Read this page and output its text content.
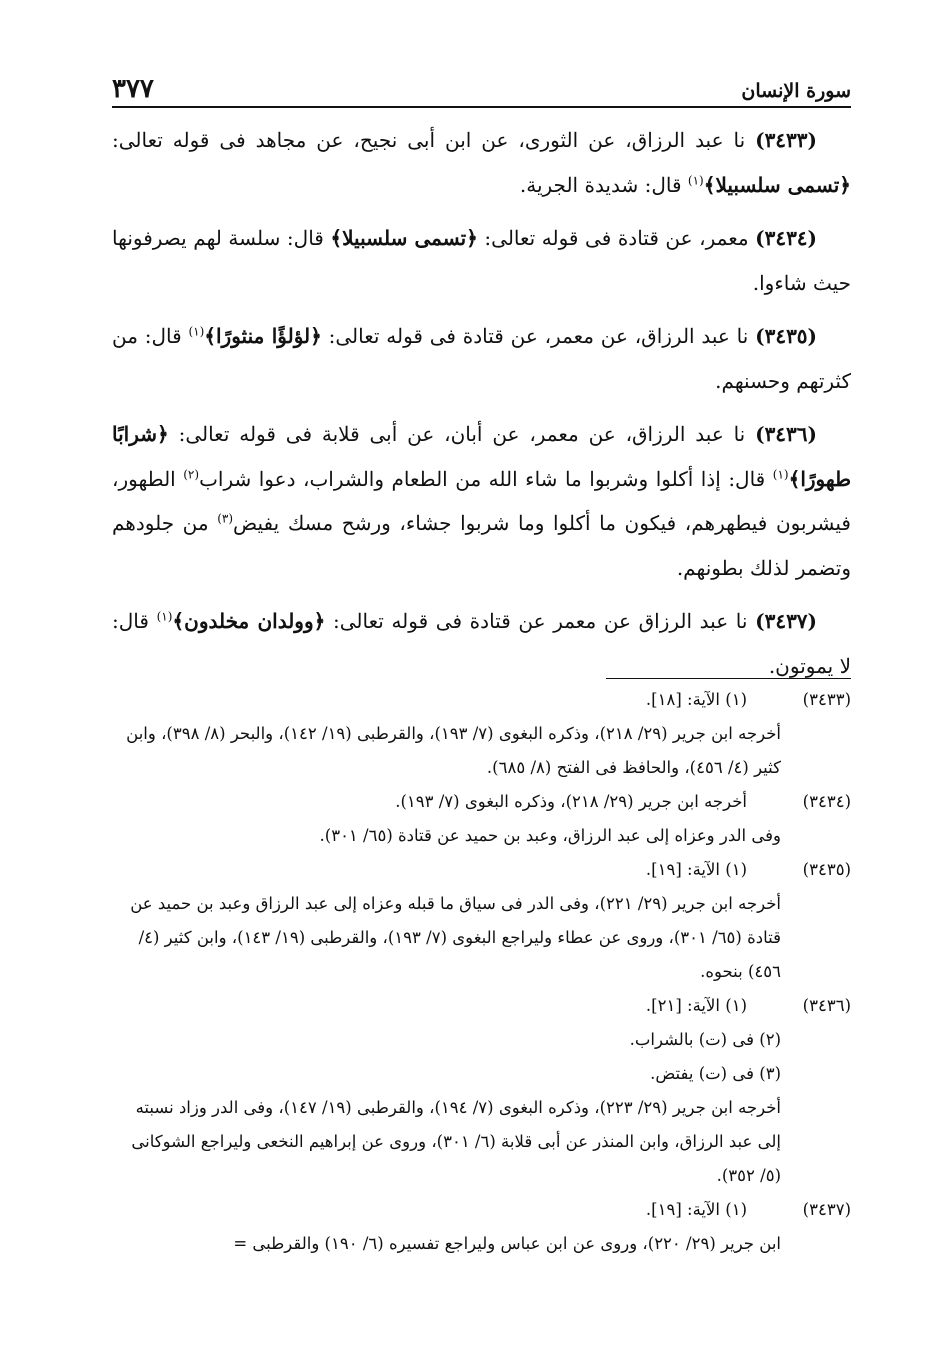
سورة الإنسان
٣٧٧

(٣٤٣٣) نا عبد الرزاق، عن الثورى، عن ابن أبى نجيح، عن مجاهد فى قوله تعالى: ﴿تسمى سلسبيلا﴾$^{(١)}$ قال: شديدة الجرية.

(٣٤٣٤) معمر، عن قتادة فى قوله تعالى: ﴿تسمى سلسبيلا﴾ قال: سلسة لهم يصرفونها حيث شاءوا.

(٣٤٣٥) نا عبد الرزاق، عن معمر، عن قتادة فى قوله تعالى: ﴿لؤلؤًا منثورًا﴾$^{(١)}$ قال: من كثرتهم وحسنهم.

(٣٤٣٦) نا عبد الرزاق، عن معمر، عن أبان، عن أبى قلابة فى قوله تعالى: ﴿شرابًا طهورًا﴾$^{(١)}$ قال: إذا أكلوا وشربوا ما شاء الله من الطعام والشراب، دعوا شراب$^{(٢)}$ الطهور، فيشربون فيطهرهم، فيكون ما أكلوا وما شربوا جشاء، ورشح مسك يفيض$^{(٣)}$ من جلودهم وتضمر لذلك بطونهم.

(٣٤٣٧) نا عبد الرزاق عن معمر عن قتادة فى قوله تعالى: ﴿وولدان مخلدون﴾$^{(١)}$ قال: لا يموتون.

(٣٤٣٣)(١) الآية: [١٨].

أخرجه ابن جرير (٢٩/ ٢١٨)، وذكره البغوى (٧/ ١٩٣)، والقرطبى (١٩/ ١٤٢)، والبحر (٨/ ٣٩٨)، وابن كثير (٤/ ٤٥٦)، والحافظ فى الفتح (٨/ ٦٨٥).

(٣٤٣٤)أخرجه ابن جرير (٢٩/ ٢١٨)، وذكره البغوى (٧/ ١٩٣).

وفى الدر وعزاه إلى عبد الرزاق، وعبد بن حميد عن قتادة (٦٥/ ٣٠١).

(٣٤٣٥)(١) الآية: [١٩].

أخرجه ابن جرير (٢٩/ ٢٢١)، وفى الدر فى سياق ما قبله وعزاه إلى عبد الرزاق وعبد بن حميد عن قتادة (٦٥/ ٣٠١)، وروى عن عطاء وليراجع البغوى (٧/ ١٩٣)، والقرطبى (١٩/ ١٤٣)، وابن كثير (٤/ ٤٥٦) بنحوه.

(٣٤٣٦)(١) الآية: [٢١].

(٢) فى (ت) بالشراب.

(٣) فى (ت) يفتض.

أخرجه ابن جرير (٢٩/ ٢٢٣)، وذكره البغوى (٧/ ١٩٤)، والقرطبى (١٩/ ١٤٧)، وفى الدر وزاد نسبته إلى عبد الرزاق، وابن المنذر عن أبى قلابة (٦/ ٣٠١)، وروى عن إبراهيم النخعى وليراجع الشوكانى (٥/ ٣٥٢).

(٣٤٣٧)(١) الآية: [١٩].

ابن جرير (٢٩/ ٢٢٠)، وروى عن ابن عباس وليراجع تفسيره (٦/ ١٩٠) والقرطبى =
